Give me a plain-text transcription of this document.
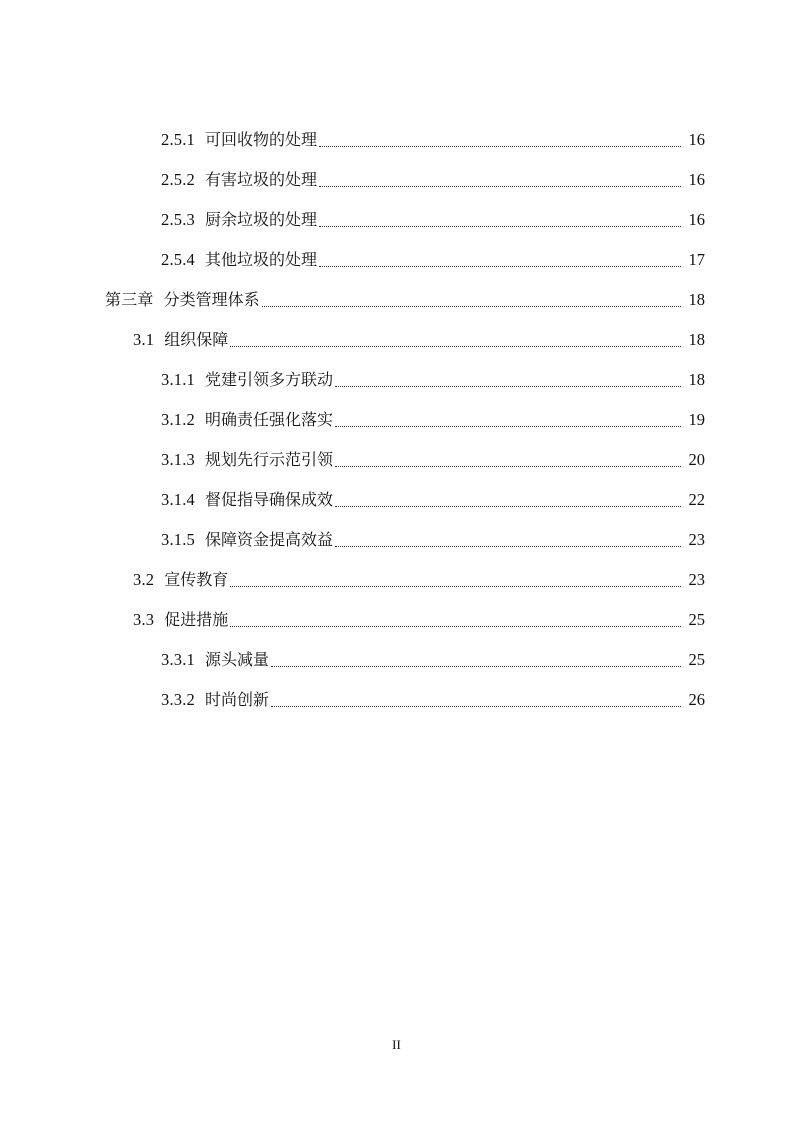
2.5.1 可回收物的处理	16
2.5.2 有害垃圾的处理	16
2.5.3 厨余垃圾的处理	16
2.5.4 其他垃圾的处理	17
第三章 分类管理体系	18
3.1 组织保障	18
3.1.1 党建引领多方联动	18
3.1.2 明确责任强化落实	19
3.1.3 规划先行示范引领	20
3.1.4 督促指导确保成效	22
3.1.5 保障资金提高效益	23
3.2 宣传教育	23
3.3 促进措施	25
3.3.1 源头减量	25
3.3.2 时尚创新	26
II
